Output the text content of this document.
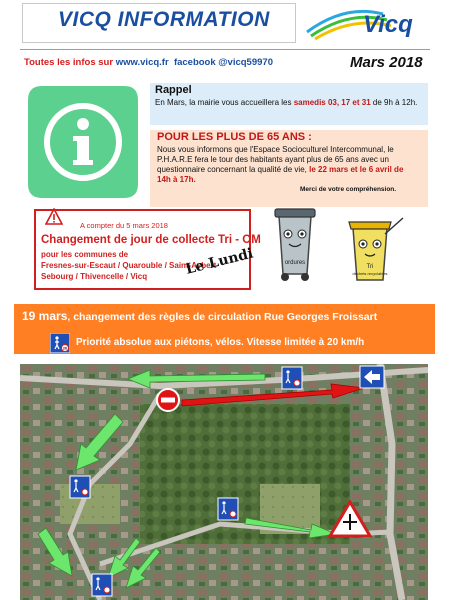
VICQ INFORMATION	Vicq
Toutes les infos sur www.vicq.fr facebook @vicq59970	Mars 2018
Rappel
En Mars, la mairie vous accueillera les samedis 03, 17 et 31 de 9h à 12h.
POUR LES PLUS DE 65 ANS :
Nous vous informons que l'Espace Socioculturel Intercommunal, le P.H.A.R.E fera le tour des habitants ayant plus de 65 ans avec un questionnaire concernant la qualité de vie, le 22 mars et le 6 avril de 14h à 17h.
Merci de votre compréhension.
A compter du 5 mars 2018
Changement de jour de collecte Tri - OM
pour les communes de
Fresnes-sur-Escaut / Quarouble / Saint-Aybert
Sebourg / Thivencelle / Vicq	Le Lundi	ordures
Tri
déchets recyclables
19 mars, changement des règles de circulation Rue Georges Froissart
20
Priorité absolue aux piétons, vélos. Vitesse limitée à 20 km/h
